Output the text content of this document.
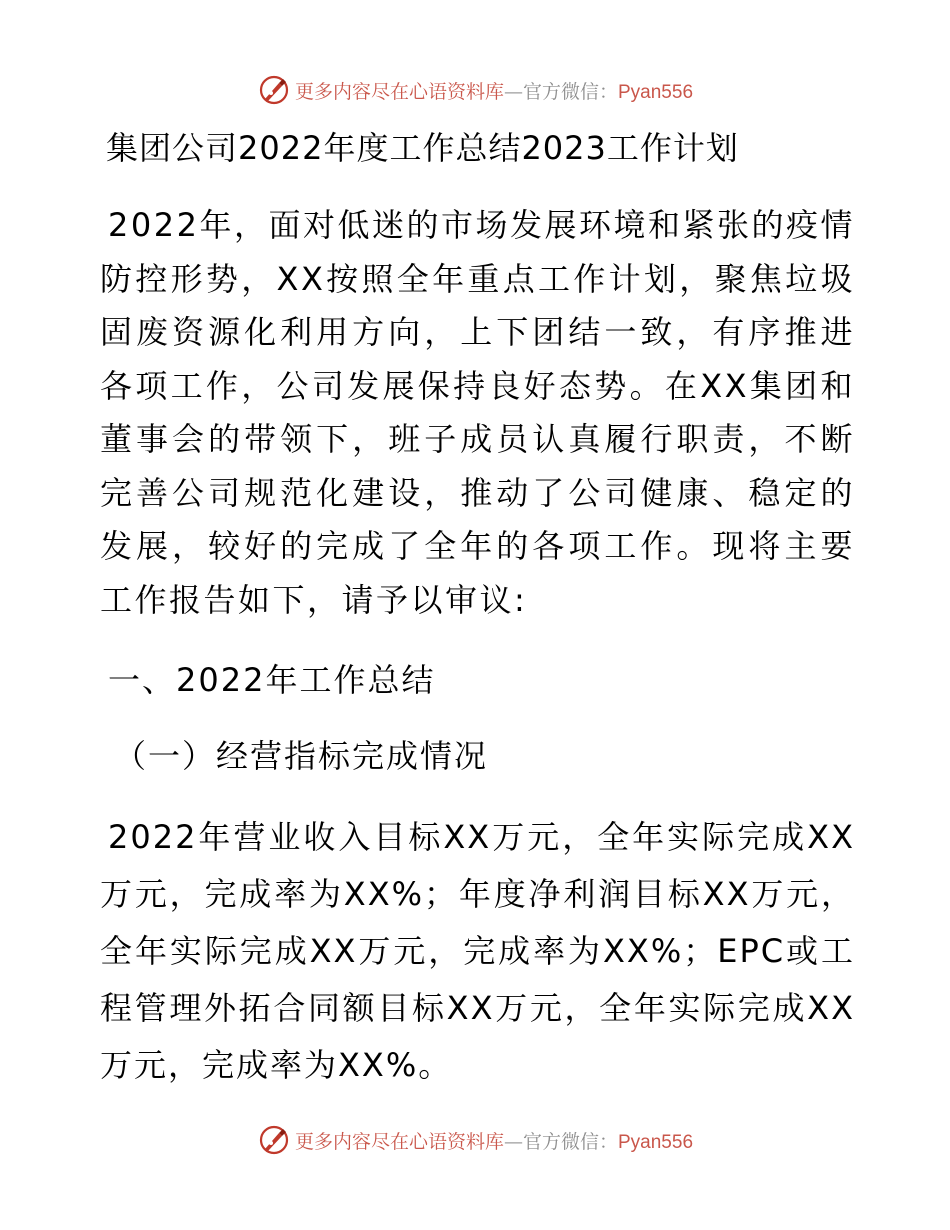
更多内容尽在心语资料库—官方微信：Pyan556
集团公司2022年度工作总结2023工作计划

2022年，面对低迷的市场发展环境和紧张的疫情防控形势，XX按照全年重点工作计划，聚焦垃圾固废资源化利用方向，上下团结一致，有序推进各项工作，公司发展保持良好态势。在XX集团和董事会的带领下，班子成员认真履行职责，不断完善公司规范化建设，推动了公司健康、稳定的发展，较好的完成了全年的各项工作。现将主要工作报告如下，请予以审议:

一、2022年工作总结
（一）经营指标完成情况

2022年营业收入目标XX万元，全年实际完成XX万元，完成率为XX%；年度净利润目标XX万元，全年实际完成XX万元，完成率为XX%；EPC或工程管理外拓合同额目标XX万元，全年实际完成XX万元，完成率为XX%。

更多内容尽在心语资料库—官方微信：Pyan556
